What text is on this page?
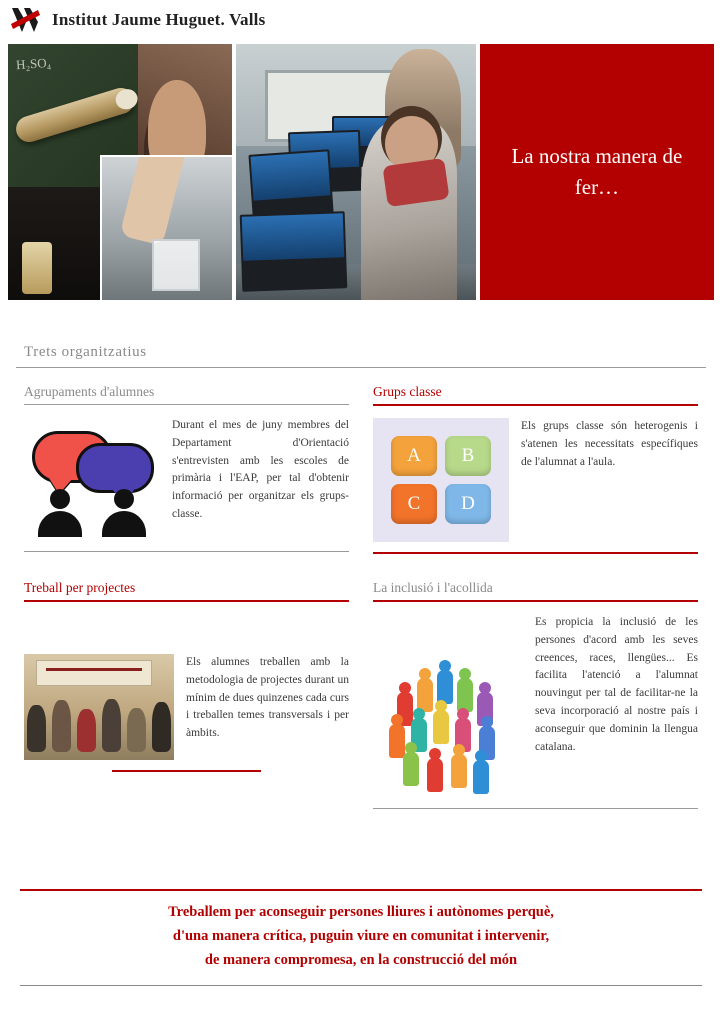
Institut Jaume Huguet. Valls
H₂SO₄
La nostra manera de fer…
Trets organitzatius
Agrupaments d'alumnes
Durant el mes de juny membres del Departament d'Orientació s'entrevisten amb les escoles de primària i l'EAP, per tal d'obtenir informació per organitzar els grups-classe.
Grups classe
A	B
C	D
Els grups classe són heterogenis i s'atenen les necessitats específiques de l'alumnat a l'aula.
Treball per projectes
Els alumnes treballen amb la metodologia de projectes durant un mínim de dues quinzenes cada curs i treballen temes transversals i per àmbits.
La inclusió i l'acollida
Es propicia la inclusió de les persones d'acord amb les seves creences, races, llengües... Es facilita l'atenció a l'alumnat nouvingut per tal de facilitar-ne la seva incorporació al nostre país i aconseguir que dominin la llengua catalana.
Treballem per aconseguir persones lliures i autònomes perquè,
d'una manera crítica, puguin viure en comunitat i intervenir,
de manera compromesa, en la construcció del món
